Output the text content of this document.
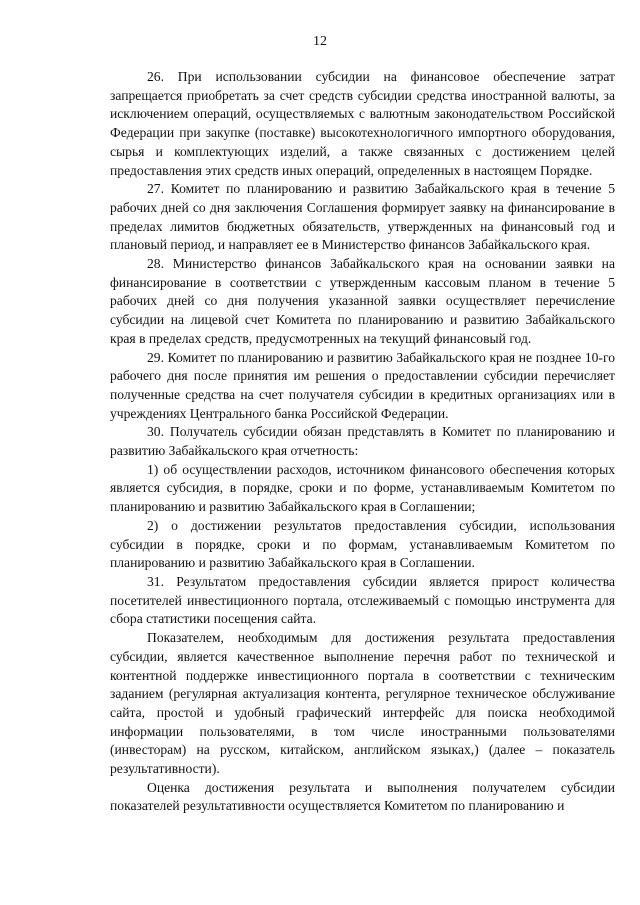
12

26. При использовании субсидии на финансовое обеспечение затрат запрещается приобретать за счет средств субсидии средства иностранной валюты, за исключением операций, осуществляемых с валютным законодательством Российской Федерации при закупке (поставке) высокотехнологичного импортного оборудования, сырья и комплектующих изделий, а также связанных с достижением целей предоставления этих средств иных операций, определенных в настоящем Порядке.

27. Комитет по планированию и развитию Забайкальского края в течение 5 рабочих дней со дня заключения Соглашения формирует заявку на финансирование в пределах лимитов бюджетных обязательств, утвержденных на финансовый год и плановый период, и направляет ее в Министерство финансов Забайкальского края.

28. Министерство финансов Забайкальского края на основании заявки на финансирование в соответствии с утвержденным кассовым планом в течение 5 рабочих дней со дня получения указанной заявки осуществляет перечисление субсидии на лицевой счет Комитета по планированию и развитию Забайкальского края в пределах средств, предусмотренных на текущий финансовый год.

29. Комитет по планированию и развитию Забайкальского края не позднее 10-го рабочего дня после принятия им решения о предоставлении субсидии перечисляет полученные средства на счет получателя субсидии в кредитных организациях или в учреждениях Центрального банка Российской Федерации.

30. Получатель субсидии обязан представлять в Комитет по планированию и развитию Забайкальского края отчетность:

1) об осуществлении расходов, источником финансового обеспечения которых является субсидия, в порядке, сроки и по форме, устанавливаемым Комитетом по планированию и развитию Забайкальского края в Соглашении;

2) о достижении результатов предоставления субсидии, использования субсидии в порядке, сроки и по формам, устанавливаемым Комитетом по планированию и развитию Забайкальского края в Соглашении.

31. Результатом предоставления субсидии является прирост количества посетителей инвестиционного портала, отслеживаемый с помощью инструмента для сбора статистики посещения сайта.

Показателем, необходимым для достижения результата предоставления субсидии, является качественное выполнение перечня работ по технической и контентной поддержке инвестиционного портала в соответствии с техническим заданием (регулярная актуализация контента, регулярное техническое обслуживание сайта, простой и удобный графический интерфейс для поиска необходимой информации пользователями, в том числе иностранными пользователями (инвесторам) на русском, китайском, английском языках,) (далее – показатель результативности).

Оценка достижения результата и выполнения получателем субсидии показателей результативности осуществляется Комитетом по планированию и
